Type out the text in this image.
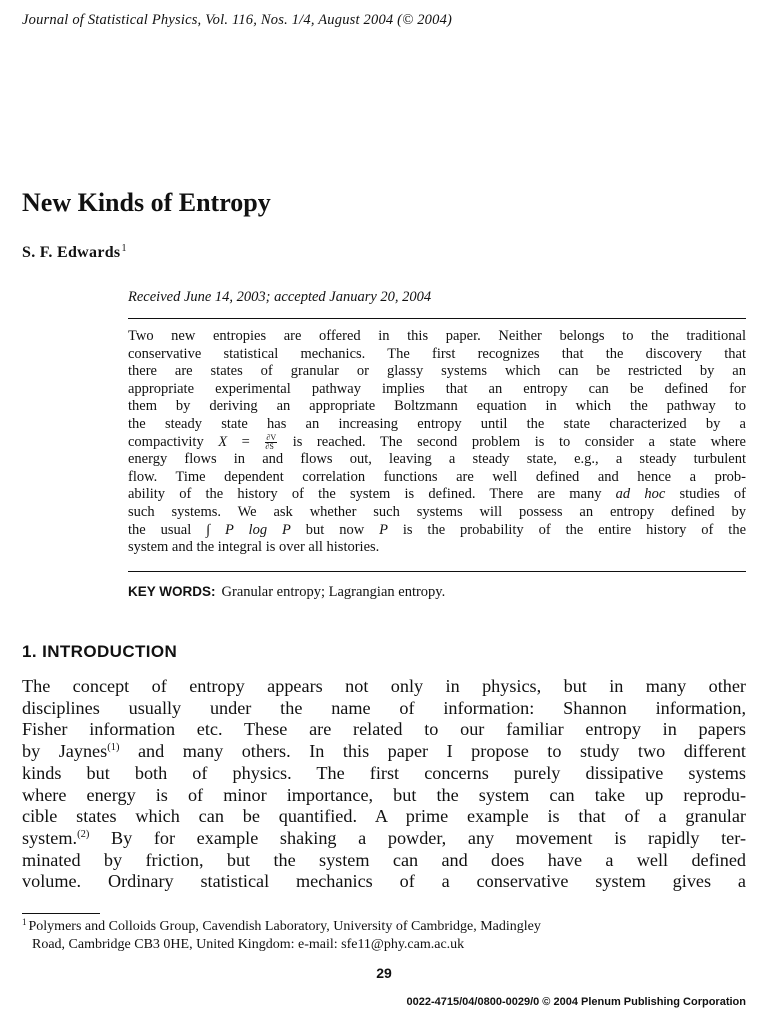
Journal of Statistical Physics, Vol. 116, Nos. 1/4, August 2004 (© 2004)
New Kinds of Entropy
S. F. Edwards$^1$
Received June 14, 2003; accepted January 20, 2004
Two new entropies are offered in this paper. Neither belongs to the traditional
conservative statistical mechanics. The first recognizes that the discovery that
there are states of granular or glassy systems which can be restricted by an
appropriate experimental pathway implies that an entropy can be defined for
them by deriving an appropriate Boltzmann equation in which the pathway to
the steady state has an increasing entropy until the state characterized by a
compactivity $X = \frac{\partial V}{\partial S}$ is reached. The second problem is to consider a state where
energy flows in and flows out, leaving a steady state, e.g., a steady turbulent
flow. Time dependent correlation functions are well defined and hence a prob-
ability of the history of the system is defined. There are many ad hoc studies of
such systems. We ask whether such systems will possess an entropy defined by
the usual ∫ P log P but now P is the probability of the entire history of the
system and the integral is over all histories.
KEY WORDS: Granular entropy; Lagrangian entropy.
1. INTRODUCTION
The concept of entropy appears not only in physics, but in many other
disciplines usually under the name of information: Shannon information,
Fisher information etc. These are related to our familiar entropy in papers
by Jaynes$^{(1)}$ and many others. In this paper I propose to study two different
kinds but both of physics. The first concerns purely dissipative systems
where energy is of minor importance, but the system can take up reprodu-
cible states which can be quantified. A prime example is that of a granular
system.$^{(2)}$ By for example shaking a powder, any movement is rapidly ter-
minated by friction, but the system can and does have a well defined
volume. Ordinary statistical mechanics of a conservative system gives a
$^1$ Polymers and Colloids Group, Cavendish Laboratory, University of Cambridge, Madingley
Road, Cambridge CB3 0HE, United Kingdom: e-mail: sfe11@phy.cam.ac.uk
29
0022-4715/04/0800-0029/0 © 2004 Plenum Publishing Corporation
